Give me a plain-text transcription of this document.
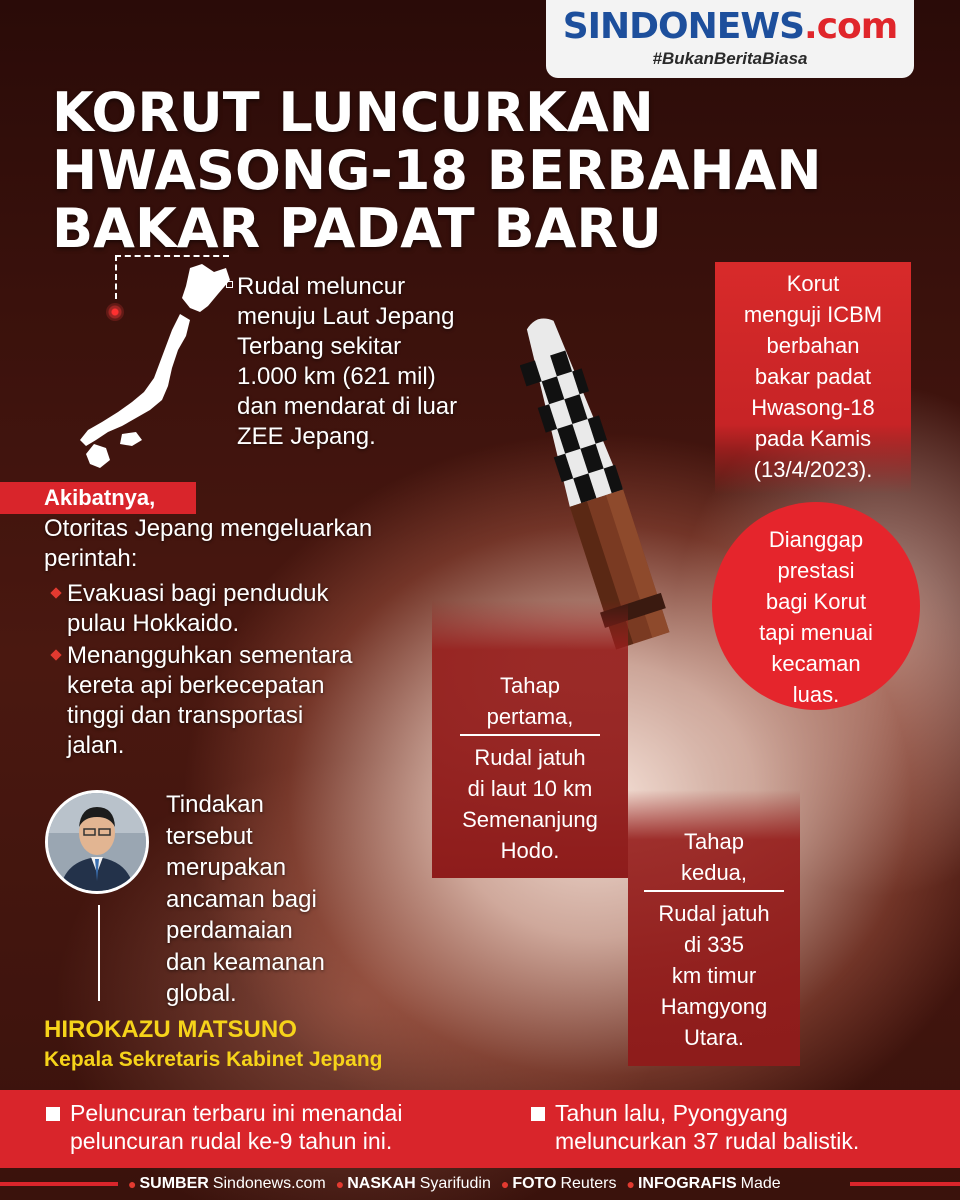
SINDONEWS.com
#BukanBeritaBiasa
KORUT LUNCURKAN
HWASONG-18 BERBAHAN
BAKAR PADAT BARU
Rudal meluncur
menuju Laut Jepang
Terbang sekitar
1.000 km (621 mil)
dan mendarat di luar
ZEE Jepang.
Akibatnya,
Otoritas Jepang mengeluarkan
perintah:
Evakuasi bagi penduduk
pulau Hokkaido.
Menangguhkan sementara
kereta api berkecepatan
tinggi dan transportasi
jalan.
Tindakan
tersebut
merupakan
ancaman bagi
perdamaian
dan keamanan
global.
HIROKAZU MATSUNO
Kepala Sekretaris Kabinet Jepang
Korut
menguji ICBM
berbahan
bakar padat
Hwasong-18
pada Kamis
(13/4/2023).
Dianggap
prestasi
bagi Korut
tapi menuai
kecaman
luas.
Tahap
pertama,
Rudal jatuh
di laut 10 km
Semenanjung
Hodo.	Tahap
kedua,
Rudal jatuh
di 335
km timur
Hamgyong
Utara.
Peluncuran terbaru ini menandai
peluncuran rudal ke-9 tahun ini.
Tahun lalu, Pyongyang
meluncurkan 37 rudal balistik.
● SUMBER Sindonews.com ● NASKAH Syarifudin ● FOTO Reuters ● INFOGRAFIS Made
